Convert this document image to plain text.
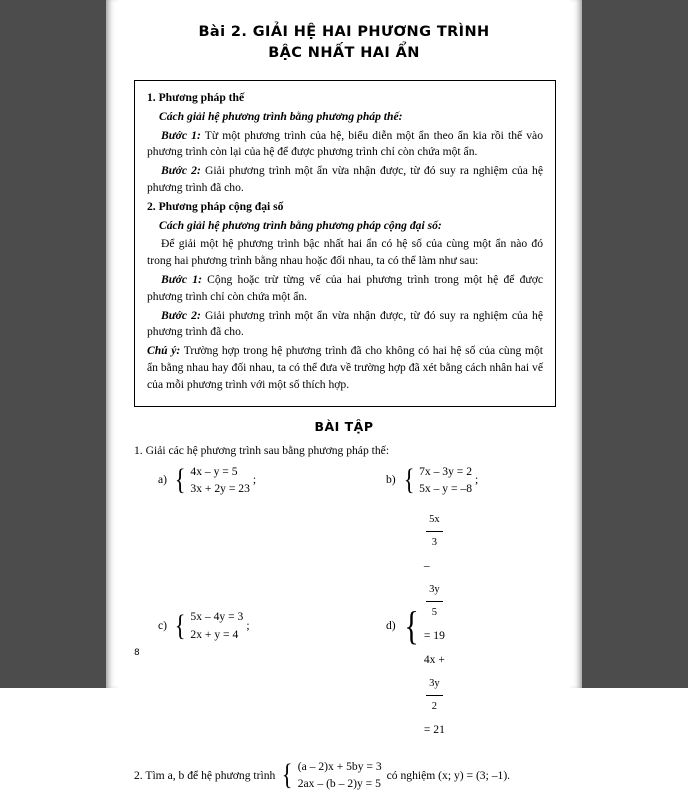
Bài 2. GIẢI HỆ HAI PHƯƠNG TRÌNH
BẬC NHẤT HAI ẨN

1. Phương pháp thế

Cách giải hệ phương trình bằng phương pháp thế:

Bước 1: Từ một phương trình của hệ, biểu diễn một ẩn theo ẩn kia rồi thế vào phương trình còn lại của hệ để được phương trình chỉ còn chứa một ẩn.

Bước 2: Giải phương trình một ẩn vừa nhận được, từ đó suy ra nghiệm của hệ phương trình đã cho.

2. Phương pháp cộng đại số

Cách giải hệ phương trình bằng phương pháp cộng đại số:

Để giải một hệ phương trình bậc nhất hai ẩn có hệ số của cùng một ẩn nào đó trong hai phương trình bằng nhau hoặc đối nhau, ta có thể làm như sau:

Bước 1: Cộng hoặc trừ từng vế của hai phương trình trong một hệ để được phương trình chỉ còn chứa một ẩn.

Bước 2: Giải phương trình một ẩn vừa nhận được, từ đó suy ra nghiệm của hệ phương trình đã cho.

Chú ý: Trường hợp trong hệ phương trình đã cho không có hai hệ số của cùng một ẩn bằng nhau hay đối nhau, ta có thể đưa về trường hợp đã xét bằng cách nhân hai vế của mỗi phương trình với một số thích hợp.

BÀI TẬP
1. Giải các hệ phương trình sau bằng phương pháp thế:
a) { 4x – y = 5
3x + 2y = 23
;	b) { 7x – 3y = 2
5x – y = –8
;
c) { 5x – 4y = 3
2x + y = 4
;	d) {
5x
3
–
3y
5
= 19
4x +
3y
2
= 21
2. Tìm a, b để hệ phương trình { (a – 2)x + 5by = 3
2ax – (b – 2)y = 5
có nghiệm (x; y) = (3; –1).
8
